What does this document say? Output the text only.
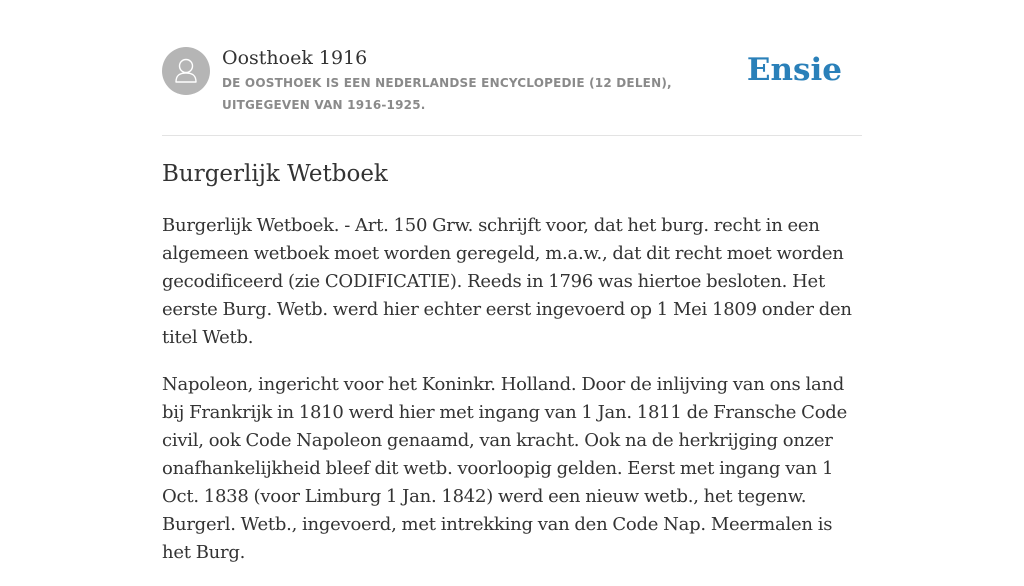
Oosthoek 1916

DE OOSTHOEK IS EEN NEDERLANDSE ENCYCLOPEDIE (12 DELEN), UITGEGEVEN VAN 1916-1925.

Ensie
Burgerlijk Wetboek

Burgerlijk Wetboek. - Art. 150 Grw. schrijft voor, dat het burg. recht in een algemeen wetboek moet worden geregeld, m.a.w., dat dit recht moet worden gecodificeerd (zie CODIFICATIE). Reeds in 1796 was hiertoe besloten. Het eerste Burg. Wetb. werd hier echter eerst ingevoerd op 1 Mei 1809 onder den titel Wetb.

Napoleon, ingericht voor het Koninkr. Holland. Door de inlijving van ons land bij Frankrijk in 1810 werd hier met ingang van 1 Jan. 1811 de Fransche Code civil, ook Code Napoleon genaamd, van kracht. Ook na de herkrijging onzer onafhankelijkheid bleef dit wetb. voorloopig gelden. Eerst met ingang van 1 Oct. 1838 (voor Limburg 1 Jan. 1842) werd een nieuw wetb., het tegenw. Burgerl. Wetb., ingevoerd, met intrekking van den Code Nap. Meermalen is het Burg.
